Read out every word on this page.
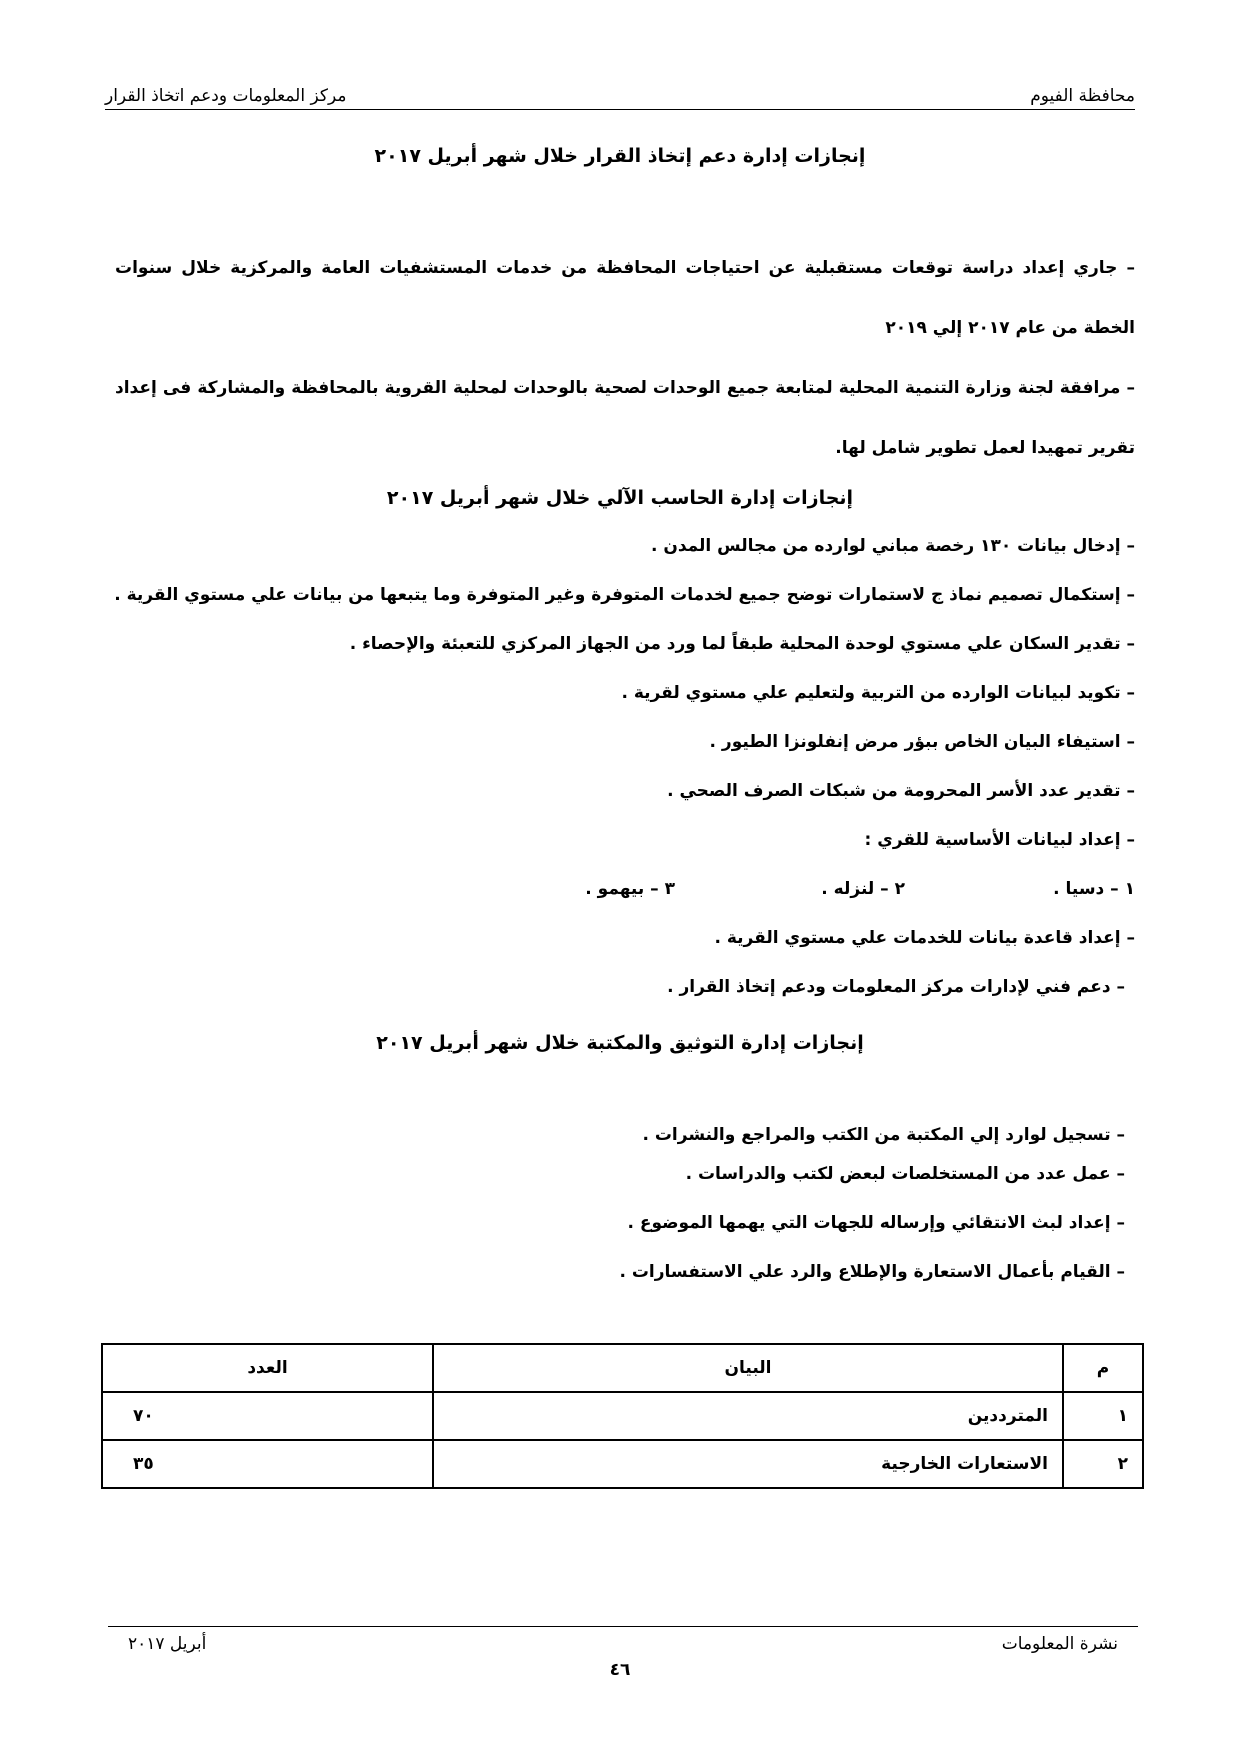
محافظة الفيوم
مركز المعلومات ودعم اتخاذ القرار
إنجازات إدارة دعم إتخاذ القرار خلال شهر أبريل ٢٠١٧
– جاري إعداد دراسة توقعات مستقبلية عن احتياجات المحافظة من خدمات المستشفيات العامة والمركزية خلال سنوات الخطة من عام ٢٠١٧ إلي ٢٠١٩
– مرافقة لجنة وزارة التنمية المحلية لمتابعة جميع الوحدات لصحية بالوحدات لمحلية القروية بالمحافظة والمشاركة فى إعداد تقرير تمهيدا لعمل تطوير شامل لها.
إنجازات إدارة الحاسب الآلي خلال شهر أبريل ٢٠١٧
– إدخال بيانات ١٣٠ رخصة مباني لوارده من مجالس المدن .
– إستكمال تصميم نماذ ج لاستمارات توضح جميع لخدمات المتوفرة وغير المتوفرة وما يتبعها من بيانات علي مستوي القرية .
– تقدير السكان علي مستوي لوحدة المحلية طبقاً لما ورد من الجهاز المركزي للتعبئة والإحصاء .
– تكويد لبيانات الوارده من التربية ولتعليم علي مستوي لقرية .
– استيفاء البيان الخاص ببؤر مرض إنفلونزا الطيور .
– تقدير عدد الأسر المحرومة من شبكات الصرف الصحي .
– إعداد لبيانات الأساسية للقري :
١ – دسيا .
٢ – لنزله .
٣ – بيهمو .
– إعداد قاعدة بيانات للخدمات علي مستوي القرية .
– دعم فني لإدارات مركز المعلومات ودعم إتخاذ القرار .
إنجازات إدارة التوثيق والمكتبة خلال شهر أبريل ٢٠١٧
– تسجيل لوارد إلي المكتبة من الكتب والمراجع والنشرات .
– عمل عدد من المستخلصات لبعض لكتب والدراسات .
– إعداد لبث الانتقائي وإرساله للجهات التي يهمها الموضوع .
– القيام بأعمال الاستعارة والإطلاع والرد علي الاستفسارات .
م	البيان	العدد
١	المترددين	٧٠
٢	الاستعارات الخارجية	٣٥
نشرة المعلومات
أبريل ٢٠١٧
٤٦
